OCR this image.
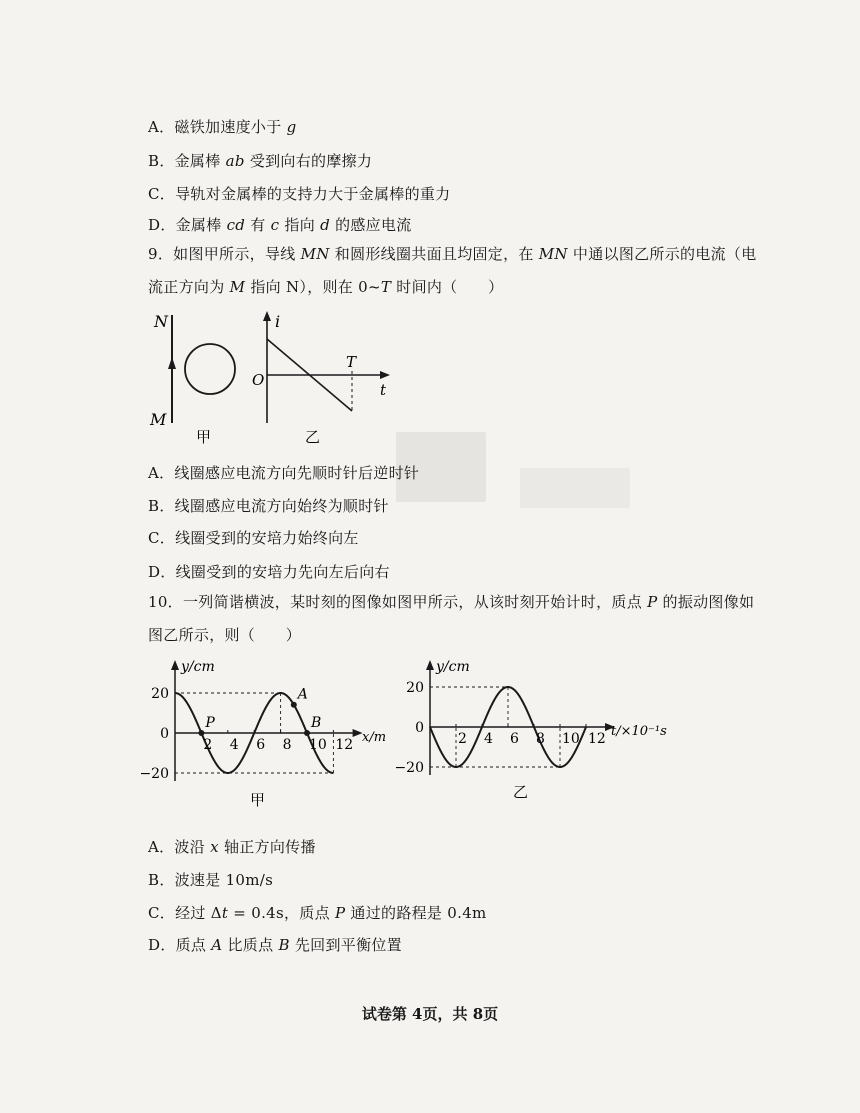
A．磁铁加速度小于 g
B．金属棒 ab 受到向右的摩擦力
C．导轨对金属棒的支持力大于金属棒的重力
D．金属棒 cd 有 c 指向 d 的感应电流
9．如图甲所示，导线 MN 和圆形线圈共面且均固定，在 MN 中通以图乙所示的电流（电
流正方向为 M 指向 N），则在 0~T 时间内（　　）
N
M
甲
i
O
T
t
乙
A．线圈感应电流方向先顺时针后逆时针
B．线圈感应电流方向始终为顺时针
C．线圈受到的安培力始终向左
D．线圈受到的安培力先向左后向右
10．一列简谐横波，某时刻的图像如图甲所示，从该时刻开始计时，质点 P 的振动图像如
图乙所示，则（　　）
20
0
−20
2 4 6 8 10 12
y/cm
x/m
甲
P
A
B
20
0
−20
2 4 6 8 10 12
y/cm
t/×10⁻¹s
乙
A．波沿 x 轴正方向传播
B．波速是 10m/s
C．经过 Δt = 0.4s，质点 P 通过的路程是 0.4m
D．质点 A 比质点 B 先回到平衡位置
试卷第 4页，共 8页
